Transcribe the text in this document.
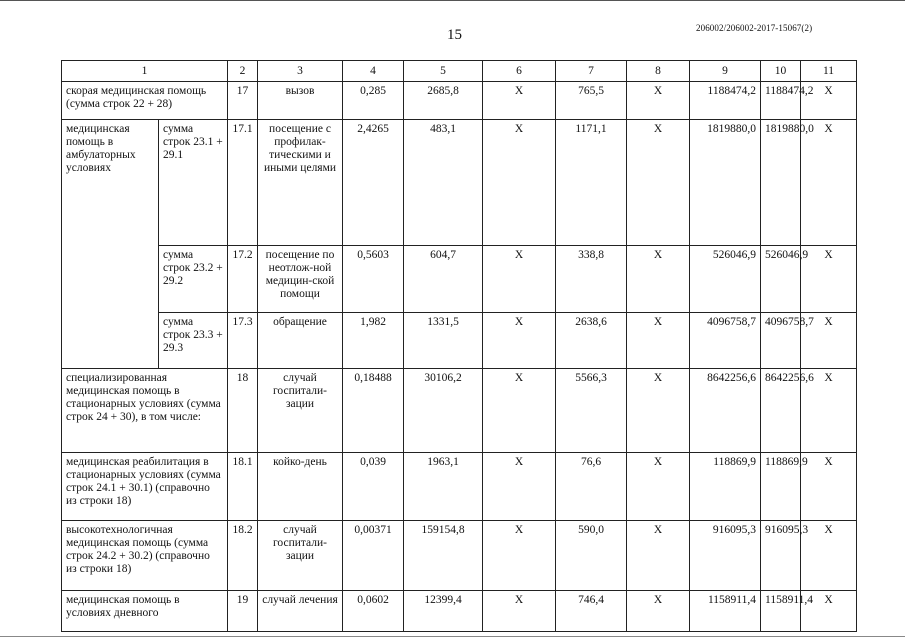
15	206002/206002-2017-15067(2)
1		2	3	4	5	6	7	8	9	10	11
скорая медицинская помощь (сумма строк 22 + 28)		17	вызов	0,285	2685,8	X	765,5	X	1188474,2	1188474,2	X
медицинская помощь в амбулаторных условиях	сумма строк 23.1 + 29.1	17.1	посещение с профилак-тическими и иными целями	2,4265	483,1	X	1171,1	X	1819880,0	1819880,0	X
	сумма строк 23.2 + 29.2	17.2	посещение по неотлож-ной медицин-ской помощи	0,5603	604,7	X	338,8	X	526046,9	526046,9	X
	сумма строк 23.3 + 29.3	17.3	обращение	1,982	1331,5	X	2638,6	X	4096758,7	4096758,7	X
специализированная медицинская помощь в стационарных условиях (сумма строк 24 + 30), в том числе:		18	случай госпитали-зации	0,18488	30106,2	X	5566,3	X	8642256,6	8642256,6	X
медицинская реабилитация в стационарных условиях (сумма строк 24.1 + 30.1) (справочно из строки 18)		18.1	койко-день	0,039	1963,1	X	76,6	X	118869,9	118869,9	X
высокотехнологичная медицинская помощь (сумма строк 24.2 + 30.2) (справочно из строки 18)		18.2	случай госпитали-зации	0,00371	159154,8	X	590,0	X	916095,3	916095,3	X
медицинская помощь в условиях дневного		19	случай лечения	0,0602	12399,4	X	746,4	X	1158911,4	1158911,4	X
